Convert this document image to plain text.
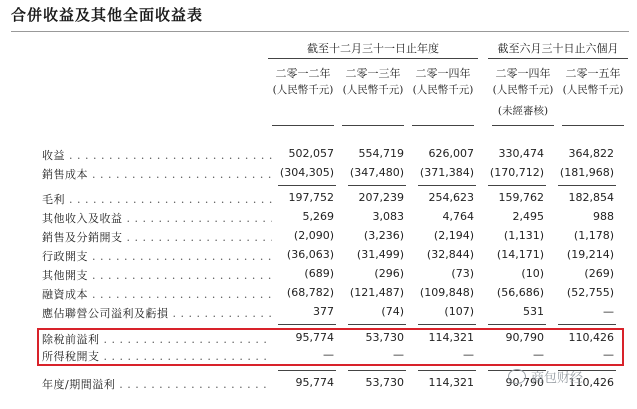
合併收益及其他全面收益表
截至十二月三十一日止年度	截至六月三十日止六個月
二零一二年	二零一三年	二零一四年	二零一四年	二零一五年
(人民幣千元) (人民幣千元) (人民幣千元)	(人民幣千元) (人民幣千元)
(未經審核)
收益 . . .	502,057	554,719	626,007	330,474	364,822
銷售成本 . . .	(304,305)	(347,480)	(371,384)	(170,712)	(181,968)
毛利 . . .	197,752	207,239	254,623	159,762	182,854
其他收入及收益 . . .	5,269	3,083	4,764	2,495	988
銷售及分銷開支 . . .	(2,090)	(3,236)	(2,194)	(1,131)	(1,178)
行政開支 . . .	(36,063)	(31,499)	(32,844)	(14,171)	(19,214)
其他開支 . . .	(689)	(296)	(73)	(10)	(269)
融資成本 . . .	(68,782)	(121,487)	(109,848)	(56,686)	(52,755)
應佔聯營公司溢利及虧損 . . .	377	(74)	(107)	531	—
除稅前溢利 . . .	95,774	53,730	114,321	90,790	110,426
所得稅開支 . . .	—	—	—	—	—
年度/期間溢利 . . .	95,774	53,730	114,321	90,790	110,426
商包财经
